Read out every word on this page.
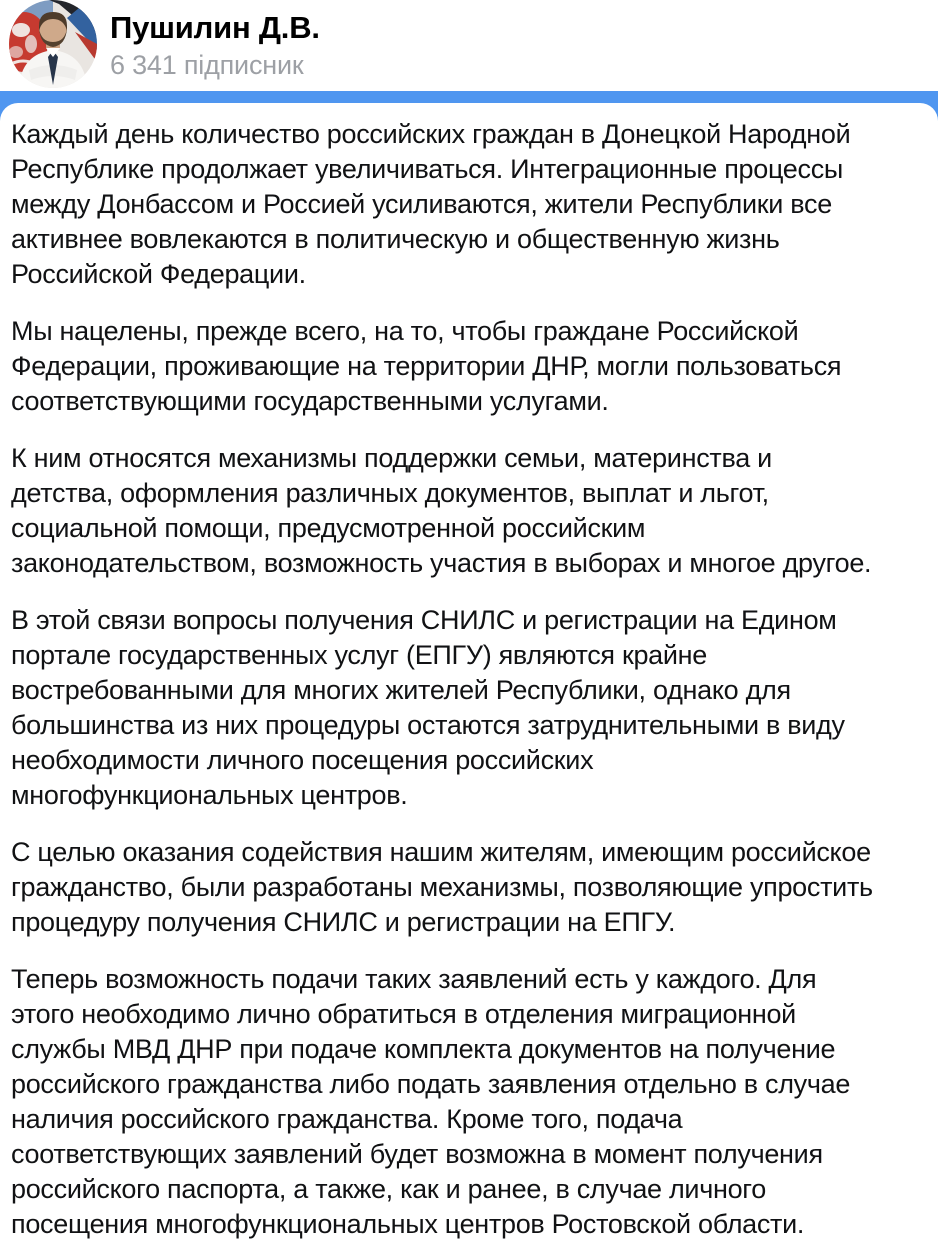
Пушилин Д.В.
6 341 підписник

Каждый день количество российских граждан в Донецкой Народной
Республике продолжает увеличиваться. Интеграционные процессы
между Донбассом и Россией усиливаются, жители Республики все
активнее вовлекаются в политическую и общественную жизнь
Российской Федерации.

Мы нацелены, прежде всего, на то, чтобы граждане Российской
Федерации, проживающие на территории ДНР, могли пользоваться
соответствующими государственными услугами.

К ним относятся механизмы поддержки семьи, материнства и
детства, оформления различных документов, выплат и льгот,
социальной помощи, предусмотренной российским
законодательством, возможность участия в выборах и многое другое.

В этой связи вопросы получения СНИЛС и регистрации на Едином
портале государственных услуг (ЕПГУ) являются крайне
востребованными для многих жителей Республики, однако для
большинства из них процедуры остаются затруднительными в виду
необходимости личного посещения российских
многофункциональных центров.

С целью оказания содействия нашим жителям, имеющим российское
гражданство, были разработаны механизмы, позволяющие упростить
процедуру получения СНИЛС и регистрации на ЕПГУ.

Теперь возможность подачи таких заявлений есть у каждого. Для
этого необходимо лично обратиться в отделения миграционной
службы МВД ДНР при подаче комплекта документов на получение
российского гражданства либо подать заявления отдельно в случае
наличия российского гражданства. Кроме того, подача
соответствующих заявлений будет возможна в момент получения
российского паспорта, а также, как и ранее, в случае личного
посещения многофункциональных центров Ростовской области.
